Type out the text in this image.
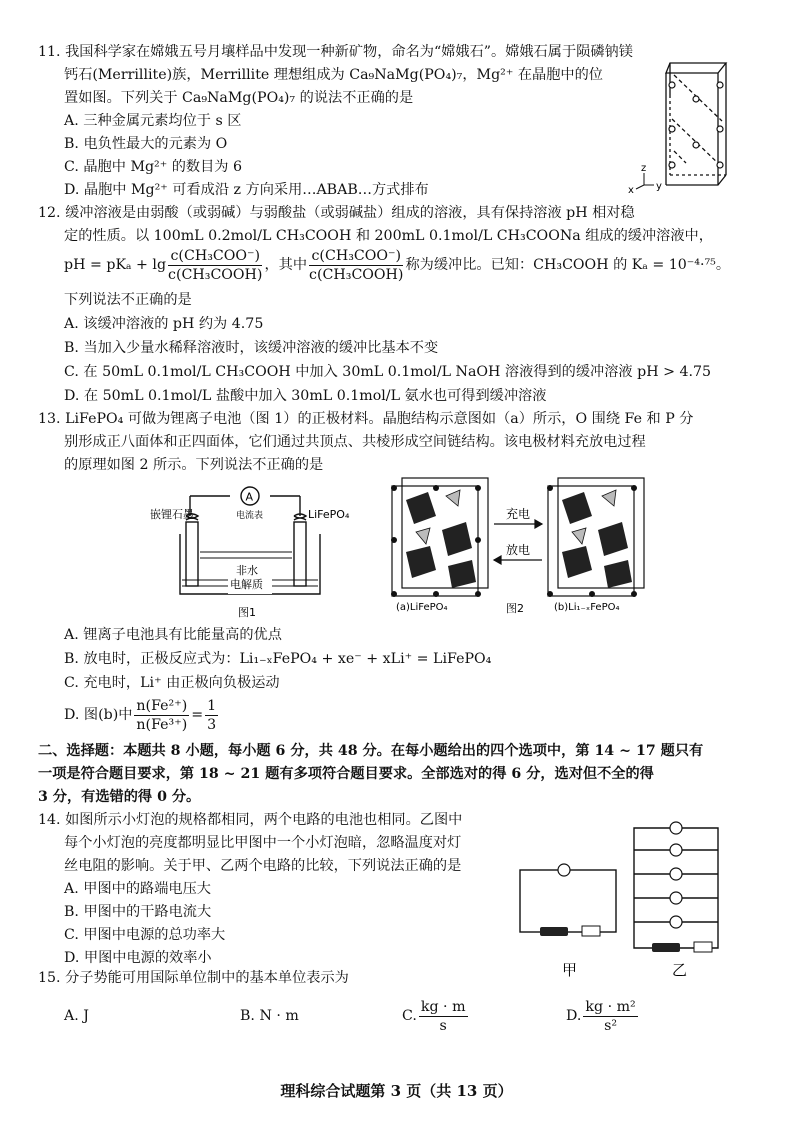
11. 我国科学家在嫦娥五号月壤样品中发现一种新矿物，命名为“嫦娥石”。嫦娥石属于陨磷钠镁
钙石(Merrillite)族，Merrillite 理想组成为 Ca₉NaMg(PO₄)₇，Mg²⁺ 在晶胞中的位
置如图。下列关于 Ca₉NaMg(PO₄)₇ 的说法不正确的是
A. 三种金属元素均位于 s 区
B. 电负性最大的元素为 O
C. 晶胞中 Mg²⁺ 的数目为 6
D. 晶胞中 Mg²⁺ 可看成沿 z 方向采用…ABAB…方式排布
z
x y
12. 缓冲溶液是由弱酸（或弱碱）与弱酸盐（或弱碱盐）组成的溶液，具有保持溶液 pH 相对稳
定的性质。以 100mL 0.2mol/L CH₃COOH 和 200mL 0.1mol/L CH₃COONa 组成的缓冲溶液中，
pH = $pK_a + \lg \frac{\text{c(CH₃COO⁻)}}{\text{c(CH₃COOH)}}$ ，其中 $\frac{\text{c(CH₃COO⁻)}}{\text{c(CH₃COOH)}}$ 称为缓冲比。已知：CH₃COOH 的 Kₐ = 10⁻⁴·⁷⁵。
下列说法不正确的是
A. 该缓冲溶液的 pH 约为 4.75
B. 当加入少量水稀释溶液时，该缓冲溶液的缓冲比基本不变
C. 在 50mL 0.1mol/L CH₃COOH 中加入 30mL 0.1mol/L NaOH 溶液得到的缓冲溶液 pH > 4.75
D. 在 50mL 0.1mol/L 盐酸中加入 30mL 0.1mol/L 氨水也可得到缓冲溶液
13. LiFePO₄ 可做为锂离子电池（图 1）的正极材料。晶胞结构示意图如（a）所示，O 围绕 Fe 和 P 分
别形成正八面体和正四面体，它们通过共顶点、共棱形成空间链结构。该电极材料充放电过程
的原理如图 2 所示。下列说法不正确的是
A
电流表
嵌锂石墨	LiFePO₄
非水
电解质
图1
充电
放电
(a)LiFePO₄	图2	(b)Li₁₋ₓFePO₄
A. 锂离子电池具有比能量高的优点
B. 放电时，正极反应式为：Li₁₋ₓFePO₄ + xe⁻ + xLi⁺ = LiFePO₄
C. 充电时，Li⁺ 由正极向负极运动
D. 图(b)中 $\frac{\text{n(Fe²⁺)}}{\text{n(Fe³⁺)}} = \frac{1}{3}$
二、选择题：本题共 8 小题，每小题 6 分，共 48 分。在每小题给出的四个选项中，第 14 ~ 17 题只有
一项是符合题目要求，第 18 ~ 21 题有多项符合题目要求。全部选对的得 6 分，选对但不全的得
3 分，有选错的得 0 分。
14. 如图所示小灯泡的规格都相同，两个电路的电池也相同。乙图中
每个小灯泡的亮度都明显比甲图中一个小灯泡暗，忽略温度对灯
丝电阻的影响。关于甲、乙两个电路的比较，下列说法正确的是
A. 甲图中的路端电压大
B. 甲图中的干路电流大
C. 甲图中电源的总功率大
D. 甲图中电源的效率小
甲	乙
15. 分子势能可用国际单位制中的基本单位表示为
A. J	B. N · m	C. $\frac{kg \cdot m}{s}$	D. $\frac{\text{kg · m²}}{\text{s²}}$
理科综合试题第 3 页（共 13 页）
